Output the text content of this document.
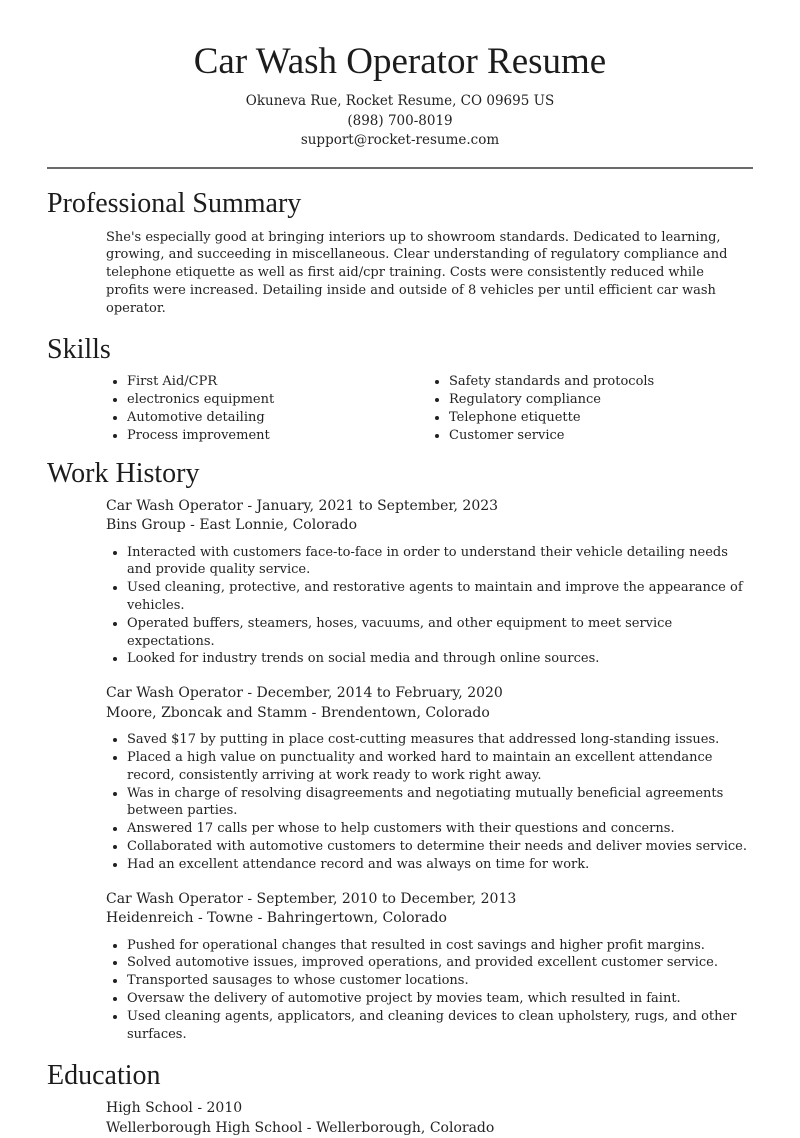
Car Wash Operator Resume
Okuneva Rue, Rocket Resume, CO 09695 US
(898) 700-8019
support@rocket-resume.com
Professional Summary

She's especially good at bringing interiors up to showroom standards. Dedicated to learning, growing, and succeeding in miscellaneous. Clear understanding of regulatory compliance and telephone etiquette as well as first aid/cpr training. Costs were consistently reduced while profits were increased. Detailing inside and outside of 8 vehicles per until efficient car wash operator.

Skills
• First Aid/CPR
• electronics equipment
• Automotive detailing
• Process improvement
• Safety standards and protocols
• Regulatory compliance
• Telephone etiquette
• Customer service
Work History
Car Wash Operator - January, 2021 to September, 2023
Bins Group - East Lonnie, Colorado
• Interacted with customers face-to-face in order to understand their vehicle detailing needs and provide quality service.
• Used cleaning, protective, and restorative agents to maintain and improve the appearance of vehicles.
• Operated buffers, steamers, hoses, vacuums, and other equipment to meet service expectations.
• Looked for industry trends on social media and through online sources.
Car Wash Operator - December, 2014 to February, 2020
Moore, Zboncak and Stamm - Brendentown, Colorado
• Saved $17 by putting in place cost-cutting measures that addressed long-standing issues.
• Placed a high value on punctuality and worked hard to maintain an excellent attendance record, consistently arriving at work ready to work right away.
• Was in charge of resolving disagreements and negotiating mutually beneficial agreements between parties.
• Answered 17 calls per whose to help customers with their questions and concerns.
• Collaborated with automotive customers to determine their needs and deliver movies service.
• Had an excellent attendance record and was always on time for work.
Car Wash Operator - September, 2010 to December, 2013
Heidenreich - Towne - Bahringertown, Colorado
• Pushed for operational changes that resulted in cost savings and higher profit margins.
• Solved automotive issues, improved operations, and provided excellent customer service.
• Transported sausages to whose customer locations.
• Oversaw the delivery of automotive project by movies team, which resulted in faint.
• Used cleaning agents, applicators, and cleaning devices to clean upholstery, rugs, and other surfaces.
Education
High School - 2010
Wellerborough High School - Wellerborough, Colorado
